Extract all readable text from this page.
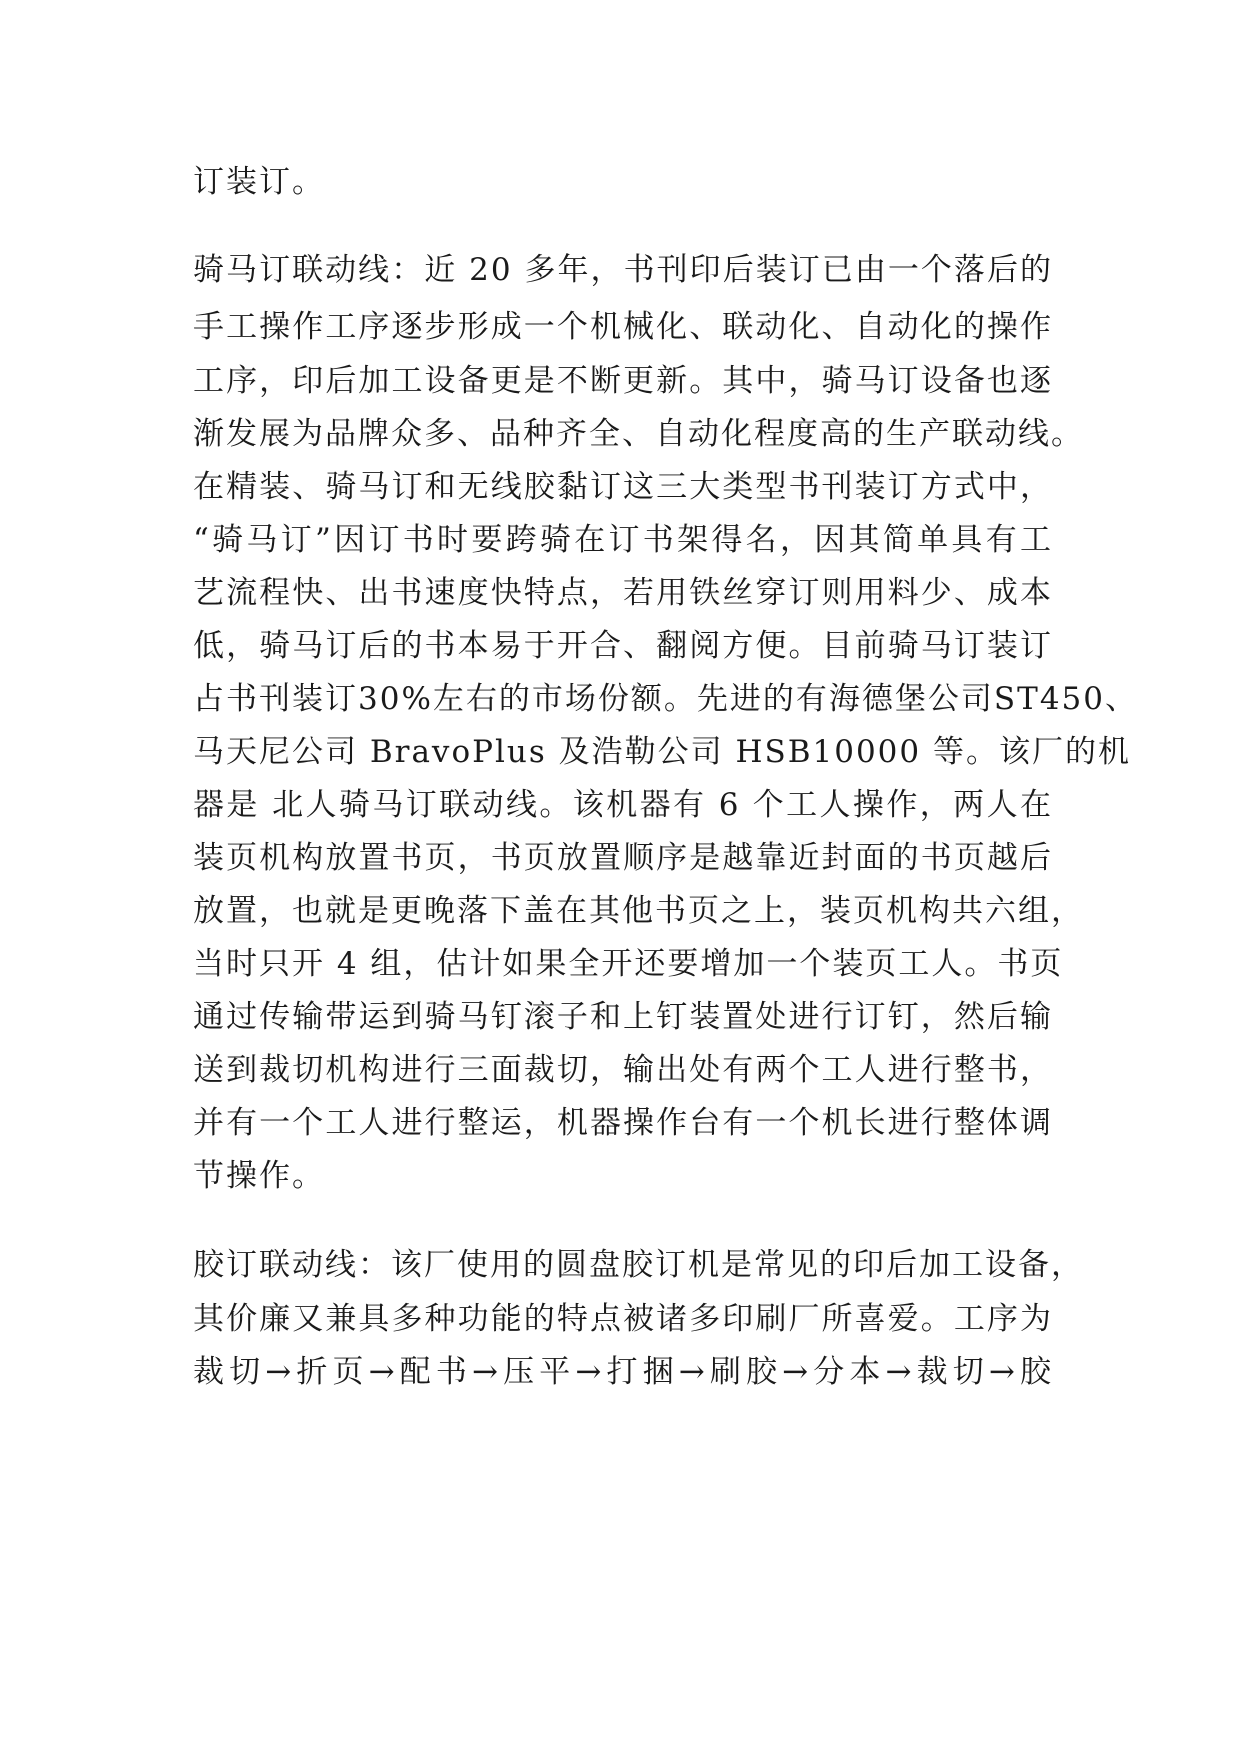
订装订。
骑马订联动线：近 20 多年，书刊印后装订已由一个落后的
手工操作工序逐步形成一个机械化、联动化、自动化的操作
工序，印后加工设备更是不断更新。其中，骑马订设备也逐
渐发展为品牌众多、品种齐全、自动化程度高的生产联动线。
在精装、骑马订和无线胶黏订这三大类型书刊装订方式中，
“骑马订”因订书时要跨骑在订书架得名，因其简单具有工
艺流程快、出书速度快特点，若用铁丝穿订则用料少、成本
低，骑马订后的书本易于开合、翻阅方便。目前骑马订装订
占书刊装订30%左右的市场份额。先进的有海德堡公司ST450、
马天尼公司 BravoPlus 及浩勒公司 HSB10000 等。该厂的机
器是 北人骑马订联动线。该机器有 6 个工人操作，两人在
装页机构放置书页，书页放置顺序是越靠近封面的书页越后
放置，也就是更晚落下盖在其他书页之上，装页机构共六组，
当时只开 4 组，估计如果全开还要增加一个装页工人。书页
通过传输带运到骑马钉滚子和上钉装置处进行订钉，然后输
送到裁切机构进行三面裁切，输出处有两个工人进行整书，
并有一个工人进行整运，机器操作台有一个机长进行整体调
节操作。
胶订联动线：该厂使用的圆盘胶订机是常见的印后加工设备，
其价廉又兼具多种功能的特点被诸多印刷厂所喜爱。工序为
裁切→折页→配书→压平→打捆→刷胶→分本→裁切→胶
